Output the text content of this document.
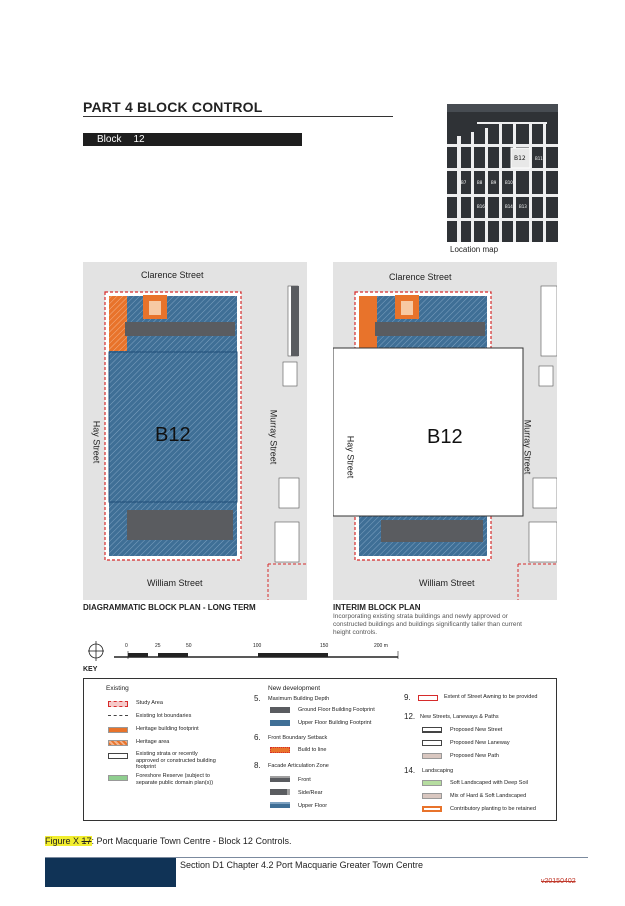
PART 4 BLOCK CONTROL
Block 12
B12 B11
B7	B8 B9 B10
B16	B14 B13
Location map
Clarence Street
William Street
Hay Street	Murray Street
B12
DIAGRAMMATIC BLOCK PLAN - LONG TERM
Clarence Street
William Street
Hay Street	Murray Street
B12
INTERIM BLOCK PLAN
Incorporating existing strata buildings and newly approved or constructed buildings and buildings significantly taller than current height controls.
0	25	50	100	150	200 m
KEY
Existing
Study Area
Existing lot boundaries
Heritage building footprint
Heritage area
Existing strata or recently approved or constructed building footprint
Foreshore Reserve (subject to separate public domain plan(s))
New development
5. Maximum Building Depth
Ground Floor Building Footprint
Upper Floor Building Footprint
6. Front Boundary Setback
Build to line
8. Facade Articulation Zone
Front
Side/Rear
Upper Floor
9.	Extent of Street Awning to be provided
12. New Streets, Laneways & Paths
Proposed New Street
Proposed New Laneway
Proposed New Path
14. Landscaping
Soft Landscaped with Deep Soil
Mix of Hard & Soft Landscaped
Contributory planting to be retained
Figure X 17: Port Macquarie Town Centre - Block 12 Controls.
Section D1 Chapter 4.2 Port Macquarie Greater Town Centre
v20150402
